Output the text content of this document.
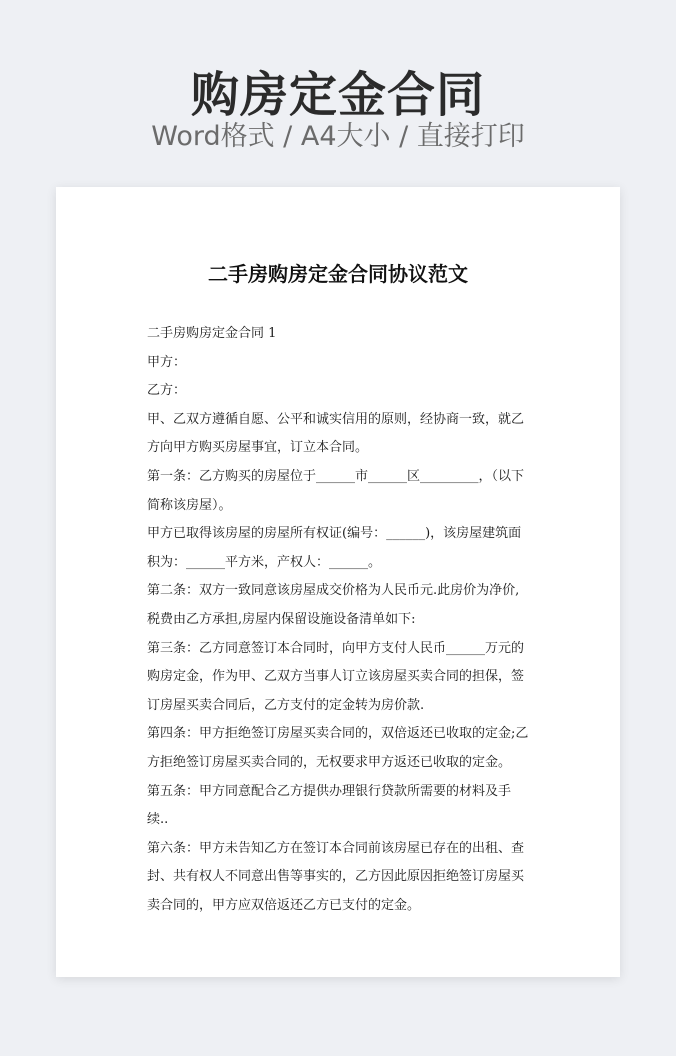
购房定金合同
Word格式 / A4大小 / 直接打印
二手房购房定金合同协议范文

二手房购房定金合同 1

甲方：

乙方：

甲、乙双方遵循自愿、公平和诚实信用的原则，经协商一致，就乙方向甲方购买房屋事宜，订立本合同。

第一条：乙方购买的房屋位于______市______区_________，（以下简称该房屋）。

甲方已取得该房屋的房屋所有权证(编号：______)，该房屋建筑面积为：______平方米，产权人：______。

第二条：双方一致同意该房屋成交价格为人民币元.此房价为净价,税费由乙方承担,房屋内保留设施设备清单如下:

第三条：乙方同意签订本合同时，向甲方支付人民币______万元的购房定金，作为甲、乙双方当事人订立该房屋买卖合同的担保，签订房屋买卖合同后，乙方支付的定金转为房价款.

第四条：甲方拒绝签订房屋买卖合同的，双倍返还已收取的定金;乙方拒绝签订房屋买卖合同的，无权要求甲方返还已收取的定金。

第五条：甲方同意配合乙方提供办理银行贷款所需要的材料及手续..

第六条：甲方未告知乙方在签订本合同前该房屋已存在的出租、查封、共有权人不同意出售等事实的，乙方因此原因拒绝签订房屋买卖合同的，甲方应双倍返还乙方已支付的定金。
